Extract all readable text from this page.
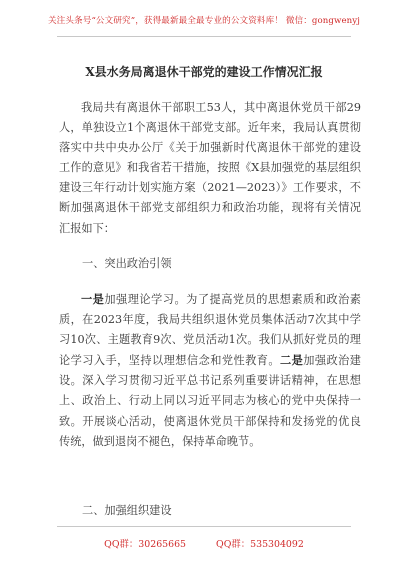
关注头条号“公文研究”，获得最新最全最专业的公文资料库！ 微信：gongwenyj
X县水务局离退休干部党的建设工作情况汇报
我局共有离退休干部职工53人，其中离退休党员干部29人，单独设立1个离退休干部党支部。近年来，我局认真贯彻落实中共中央办公厅《关于加强新时代离退休干部党的建设工作的意见》和我省若干措施，按照《X县加强党的基层组织建设三年行动计划实施方案（2021—2023）》工作要求，不断加强离退休干部党支部组织力和政治功能，现将有关情况汇报如下：
一、突出政治引领
一是加强理论学习。为了提高党员的思想素质和政治素质，在2023年度，我局共组织退休党员集体活动7次其中学习10次、主题教育9次、党员活动1次。我们从抓好党员的理论学习入手，坚持以理想信念和党性教育。二是加强政治建设。深入学习贯彻习近平总书记系列重要讲话精神，在思想上、政治上、行动上同以习近平同志为核心的党中央保持一致。开展谈心活动，使离退休党员干部保持和发扬党的优良传统，做到退岗不褪色，保持革命晚节。
二、加强组织建设
QQ群：30265665	QQ群：535304092
